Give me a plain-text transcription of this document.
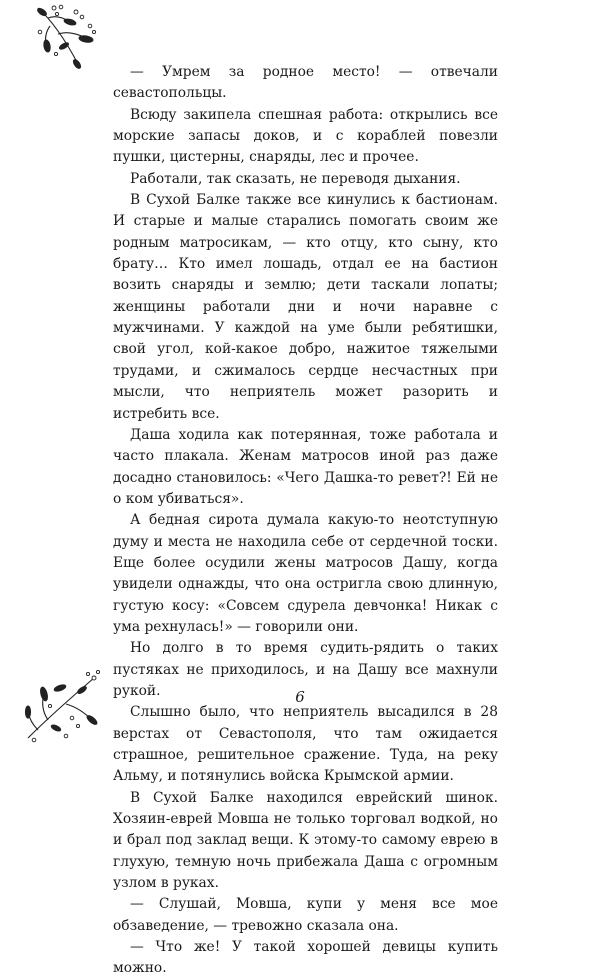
— Умрем за родное место! — отвечали севастопольцы.

Всюду закипела спешная работа: открылись все морские запасы доков, и с кораблей повезли пушки, цистерны, снаряды, лес и прочее.

Работали, так сказать, не переводя дыхания.

В Сухой Балке также все кинулись к бастионам. И старые и малые старались помогать своим же родным матросикам, — кто отцу, кто сыну, кто брату… Кто имел лошадь, отдал ее на бастион возить снаряды и землю; дети таскали лопаты; женщины работали дни и ночи наравне с мужчинами. У каждой на уме были ребятишки, свой угол, кой-какое добро, нажитое тяжелыми трудами, и сжималось сердце несчастных при мысли, что неприятель может разорить и истребить все.

Даша ходила как потерянная, тоже работала и часто плакала. Женам матросов иной раз даже досадно становилось: «Чего Дашка-то ревет?! Ей не о ком убиваться».

А бедная сирота думала какую-то неотступную думу и места не находила себе от сердечной тоски. Еще более осудили жены матросов Дашу, когда увидели однажды, что она остригла свою длинную, густую косу: «Совсем сдурела девчонка! Никак с ума рехнулась!» — говорили они.

Но долго в то время судить-рядить о таких пустяках не приходилось, и на Дашу все махнули рукой.

Слышно было, что неприятель высадился в 28 верстах от Севастополя, что там ожидается страшное, решительное сражение. Туда, на реку Альму, и потянулись войска Крымской армии.

В Сухой Балке находился еврейский шинок. Хозяин-еврей Мовша не только торговал водкой, но и брал под заклад вещи. К этому-то самому еврею в глухую, темную ночь прибежала Даша с огромным узлом в руках.

— Слушай, Мовша, купи у меня все мое обзаведение, — тревожно сказала она.

— Что же! У такой хорошей девицы купить можно.

6
